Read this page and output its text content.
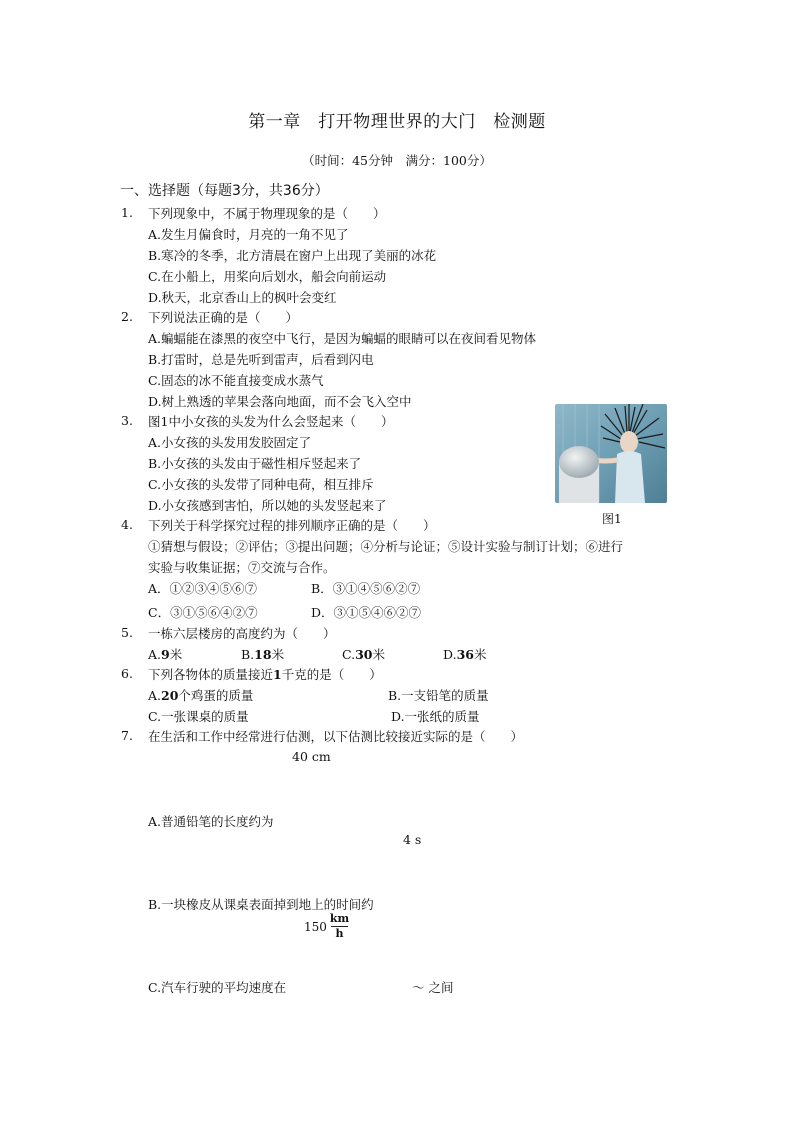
第一章　打开物理世界的大门　检测题
（时间：45分钟　满分：100分）
一、选择题（每题3分，共36分）
1. 下列现象中，不属于物理现象的是（　　）
A.发生月偏食时，月亮的一角不见了
B.寒冷的冬季，北方清晨在窗户上出现了美丽的冰花
C.在小船上，用桨向后划水，船会向前运动
D.秋天，北京香山上的枫叶会变红
2. 下列说法正确的是（　　）
A.蝙蝠能在漆黑的夜空中飞行，是因为蝙蝠的眼睛可以在夜间看见物体
B.打雷时，总是先听到雷声，后看到闪电
C.固态的冰不能直接变成水蒸气
D.树上熟透的苹果会落向地面，而不会飞入空中
3. 图1中小女孩的头发为什么会竖起来（　　）
A.小女孩的头发用发胶固定了
B.小女孩的头发由于磁性相斥竖起来了
C.小女孩的头发带了同种电荷，相互排斥
D.小女孩感到害怕，所以她的头发竖起来了
图1
4. 下列关于科学探究过程的排列顺序正确的是（　　）
①猜想与假设；②评估；③提出问题；④分析与论证；⑤设计实验与制订计划；⑥进行
实验与收集证据；⑦交流与合作。
A．①②③④⑤⑥⑦	B．③①④⑤⑥②⑦
C．③①⑤⑥④②⑦	D．③①⑤④⑥②⑦
5. 一栋六层楼房的高度约为（　　）
A.9米	B.18米	C.30米	D.36米
6. 下列各物体的质量接近1千克的是（　　）
A.20个鸡蛋的质量	B.一支铅笔的质量
C.一张课桌的质量	D.一张纸的质量
7. 在生活和工作中经常进行估测，以下估测比较接近实际的是（　　）
40 cm
A.普通铅笔的长度约为
4 s
B.一块橡皮从课桌表面掉到地上的时间约
150
km
h
C.汽车行驶的平均速度在	～ 之间
